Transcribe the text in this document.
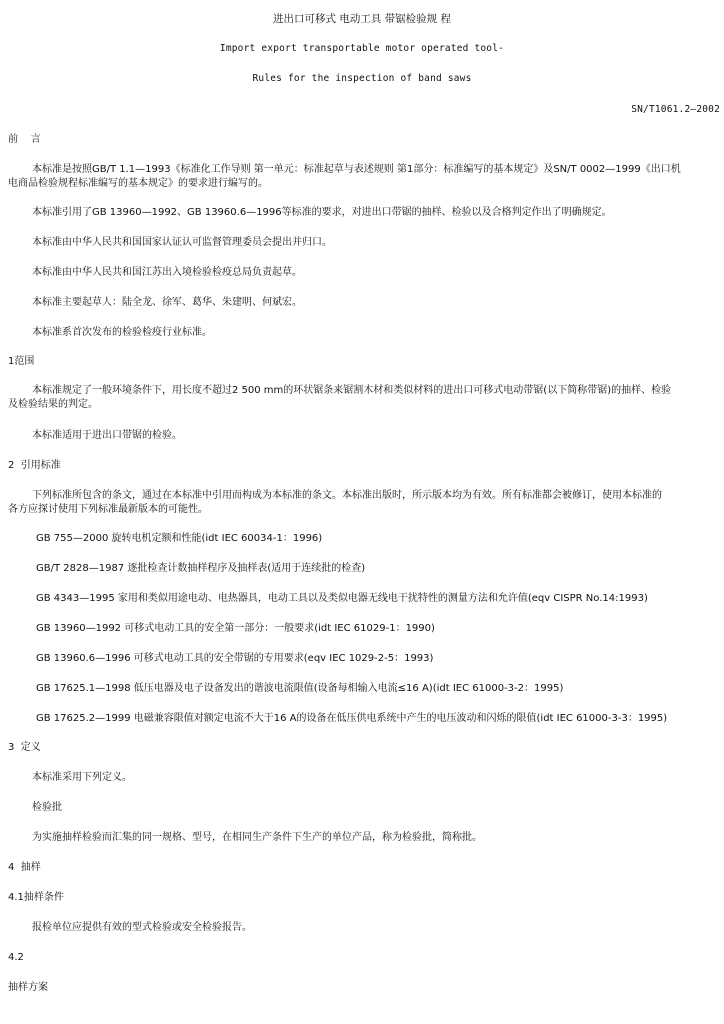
进出口可移式 电动工具 带锯检验规 程
Import export transportable motor operated tool-
Rules for the inspection of band saws
SN/T1061.2—2002
前    言
本标准是按照GB/T 1.1—1993《标准化工作导则 第一单元：标准起草与表述规则 第1部分：标准编写的基本规定》及SN/T 0002—1999《出口机
电商品检验规程标准编写的基本规定》的要求进行编写的。
本标准引用了GB 13960—1992、GB 13960.6—1996等标准的要求，对进出口带锯的抽样、检验以及合格判定作出了明确规定。
本标准由中华人民共和国国家认证认可监督管理委员会提出并归口。
本标准由中华人民共和国江苏出入境检验检疫总局负责起草。
本标准主要起草人：陆全龙、徐军、葛华、朱建明、何斌宏。
本标准系首次发布的检验检疫行业标准。
1范围
本标准规定了一般环境条件下，用长度不超过2 500 mm的环状锯条来锯割木材和类似材料的进出口可移式电动带锯(以下简称带锯)的抽样、检验
及检验结果的判定。
本标准适用于进出口带锯的检验。
2  引用标准
下列标准所包含的条文，通过在本标准中引用而构成为本标准的条文。本标准出版时，所示版本均为有效。所有标准都会被修订，使用本标准的
各方应探讨使用下列标准最新版本的可能性。
GB 755—2000 旋转电机定额和性能(idt IEC 60034-1：1996)
GB/T 2828—1987 逐批检查计数抽样程序及抽样表(适用于连续批的检查)
GB 4343—1995 家用和类似用途电动、电热器具，电动工具以及类似电器无线电干扰特性的测量方法和允许值(eqv CISPR No.14:1993)
GB 13960—1992 可移式电动工具的安全第一部分：一般要求(idt IEC 61029-1：1990)
GB 13960.6—1996 可移式电动工具的安全带锯的专用要求(eqv IEC 1029-2-5：1993)
GB 17625.1—1998 低压电器及电子设备发出的谐波电流限值(设备每相输入电流≤16 A)(idt IEC 61000-3-2：1995)
GB 17625.2—1999 电磁兼容限值对额定电流不大于16 A的设备在低压供电系统中产生的电压波动和闪烁的限值(idt IEC 61000-3-3：1995)
3  定义
本标准采用下列定义。
检验批
为实施抽样检验而汇集的同一规格、型号，在相同生产条件下生产的单位产品，称为检验批，简称批。
4  抽样
4.1抽样条件
报检单位应提供有效的型式检验或安全检验报告。
4.2
抽样方案
